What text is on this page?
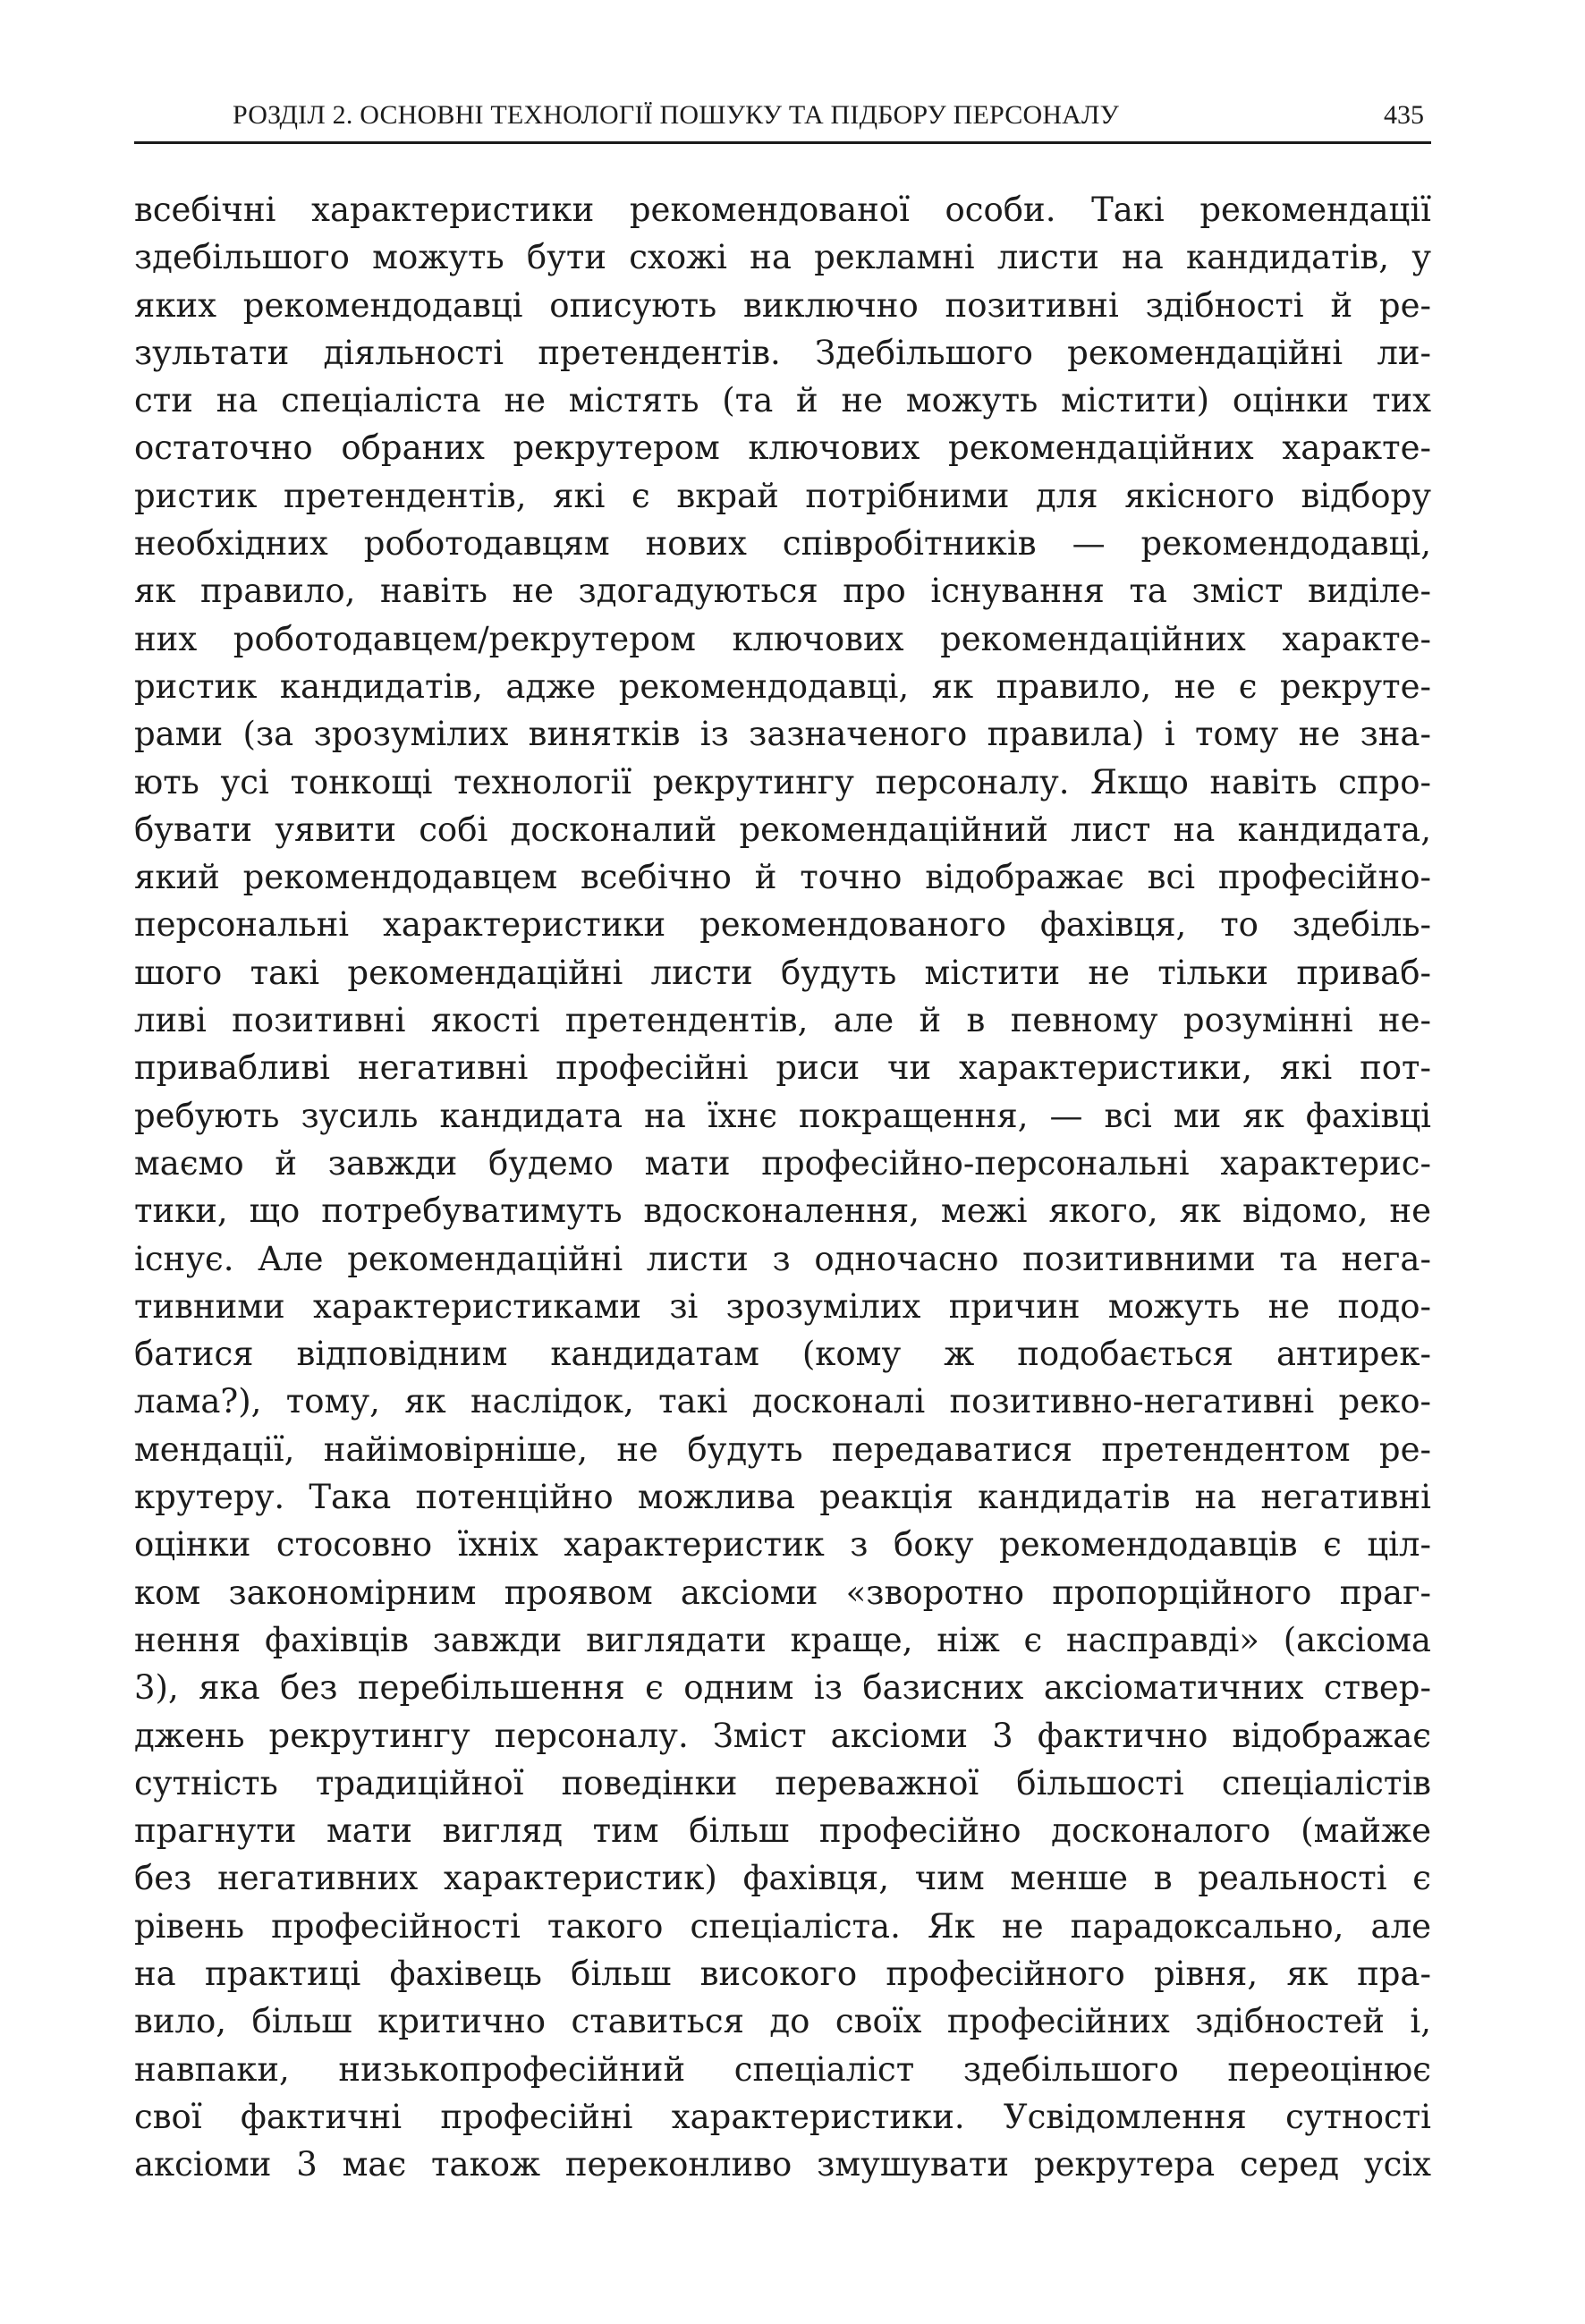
РОЗДІЛ 2. ОСНОВНІ ТЕХНОЛОГІЇ ПОШУКУ ТА ПІДБОРУ ПЕРСОНАЛУ	435
всебічні характеристики рекомендованої особи. Такі рекомендації
здебільшого можуть бути схожі на рекламні листи на кандидатів, у
яких рекомендодавці описують виключно позитивні здібності й ре-
зультати діяльності претендентів. Здебільшого рекомендаційні ли-
сти на спеціаліста не містять (та й не можуть містити) оцінки тих
остаточно обраних рекрутером ключових рекомендаційних характе-
ристик претендентів, які є вкрай потрібними для якісного відбору
необхідних роботодавцям нових співробітників — рекомендодавці,
як правило, навіть не здогадуються про існування та зміст виділе-
них роботодавцем/рекрутером ключових рекомендаційних характе-
ристик кандидатів, адже рекомендодавці, як правило, не є рекруте-
рами (за зрозумілих винятків із зазначеного правила) і тому не зна-
ють усі тонкощі технології рекрутингу персоналу. Якщо навіть спро-
бувати уявити собі досконалий рекомендаційний лист на кандидата,
який рекомендодавцем всебічно й точно відображає всі професійно-
персональні характеристики рекомендованого фахівця, то здебіль-
шого такі рекомендаційні листи будуть містити не тільки приваб-
ливі позитивні якості претендентів, але й в певному розумінні не-
привабливі негативні професійні риси чи характеристики, які пот-
ребують зусиль кандидата на їхнє покращення, — всі ми як фахівці
маємо й завжди будемо мати професійно-персональні характерис-
тики, що потребуватимуть вдосконалення, межі якого, як відомо, не
існує. Але рекомендаційні листи з одночасно позитивними та нега-
тивними характеристиками зі зрозумілих причин можуть не подо-
батися відповідним кандидатам (кому ж подобається антирек-
лама?), тому, як наслідок, такі досконалі позитивно-негативні реко-
мендації, найімовірніше, не будуть передаватися претендентом ре-
крутеру. Така потенційно можлива реакція кандидатів на негативні
оцінки стосовно їхніх характеристик з боку рекомендодавців є ціл-
ком закономірним проявом аксіоми «зворотно пропорційного праг-
нення фахівців завжди виглядати краще, ніж є насправді» (аксіома
3), яка без перебільшення є одним із базисних аксіоматичних ствер-
джень рекрутингу персоналу. Зміст аксіоми 3 фактично відображає
сутність традиційної поведінки переважної більшості спеціалістів
прагнути мати вигляд тим більш професійно досконалого (майже
без негативних характеристик) фахівця, чим менше в реальності є
рівень професійності такого спеціаліста. Як не парадоксально, але
на практиці фахівець більш високого професійного рівня, як пра-
вило, більш критично ставиться до своїх професійних здібностей і,
навпаки, низькопрофесійний спеціаліст здебільшого переоцінює
свої фактичні професійні характеристики. Усвідомлення сутності
аксіоми 3 має також переконливо змушувати рекрутера серед усіх
